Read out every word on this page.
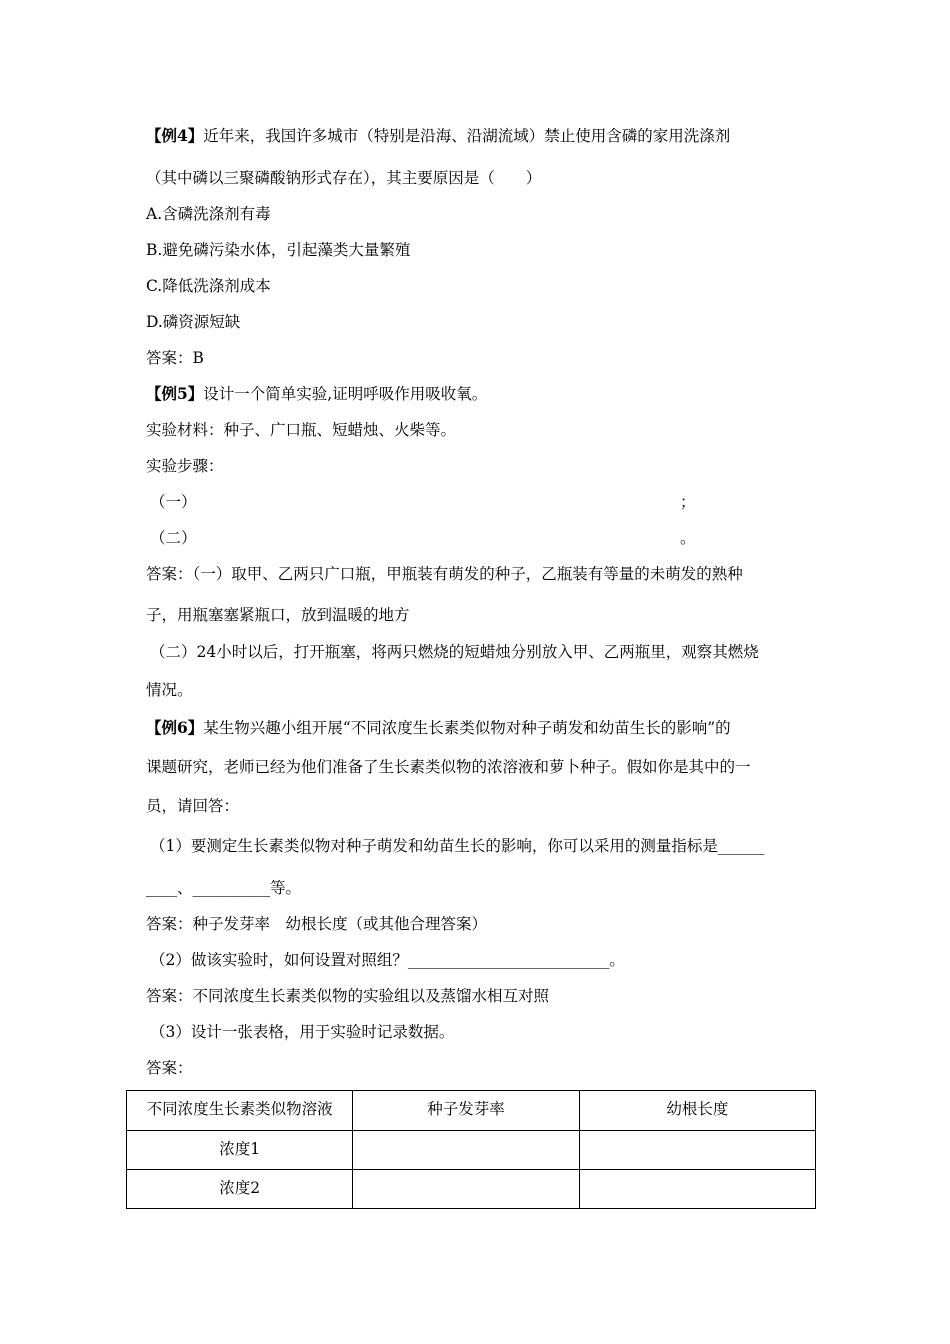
【例4】近年来，我国许多城市（特别是沿海、沿湖流域）禁止使用含磷的家用洗涤剂
（其中磷以三聚磷酸钠形式存在），其主要原因是（　　）
A.含磷洗涤剂有毒
B.避免磷污染水体，引起藻类大量繁殖
C.降低洗涤剂成本
D.磷资源短缺
答案：B
【例5】设计一个简单实验,证明呼吸作用吸收氧。
实验材料：种子、广口瓶、短蜡烛、火柴等。
实验步骤：
（一）	；
（二）	。
答案：（一）取甲、乙两只广口瓶，甲瓶装有萌发的种子，乙瓶装有等量的未萌发的熟种
子，用瓶塞塞紧瓶口，放到温暖的地方
（二）24小时以后，打开瓶塞，将两只燃烧的短蜡烛分别放入甲、乙两瓶里，观察其燃烧
情况。
【例6】某生物兴趣小组开展“不同浓度生长素类似物对种子萌发和幼苗生长的影响”的
课题研究，老师已经为他们准备了生长素类似物的浓溶液和萝卜种子。假如你是其中的一
员，请回答：
（1）要测定生长素类似物对种子萌发和幼苗生长的影响，你可以采用的测量指标是______
____、__________等。
答案：种子发芽率　幼根长度（或其他合理答案）
（2）做该实验时，如何设置对照组？__________________________。
答案：不同浓度生长素类似物的实验组以及蒸馏水相互对照
（3）设计一张表格，用于实验时记录数据。
答案：
不同浓度生长素类似物溶液	种子发芽率	幼根长度
浓度1		
浓度2		
